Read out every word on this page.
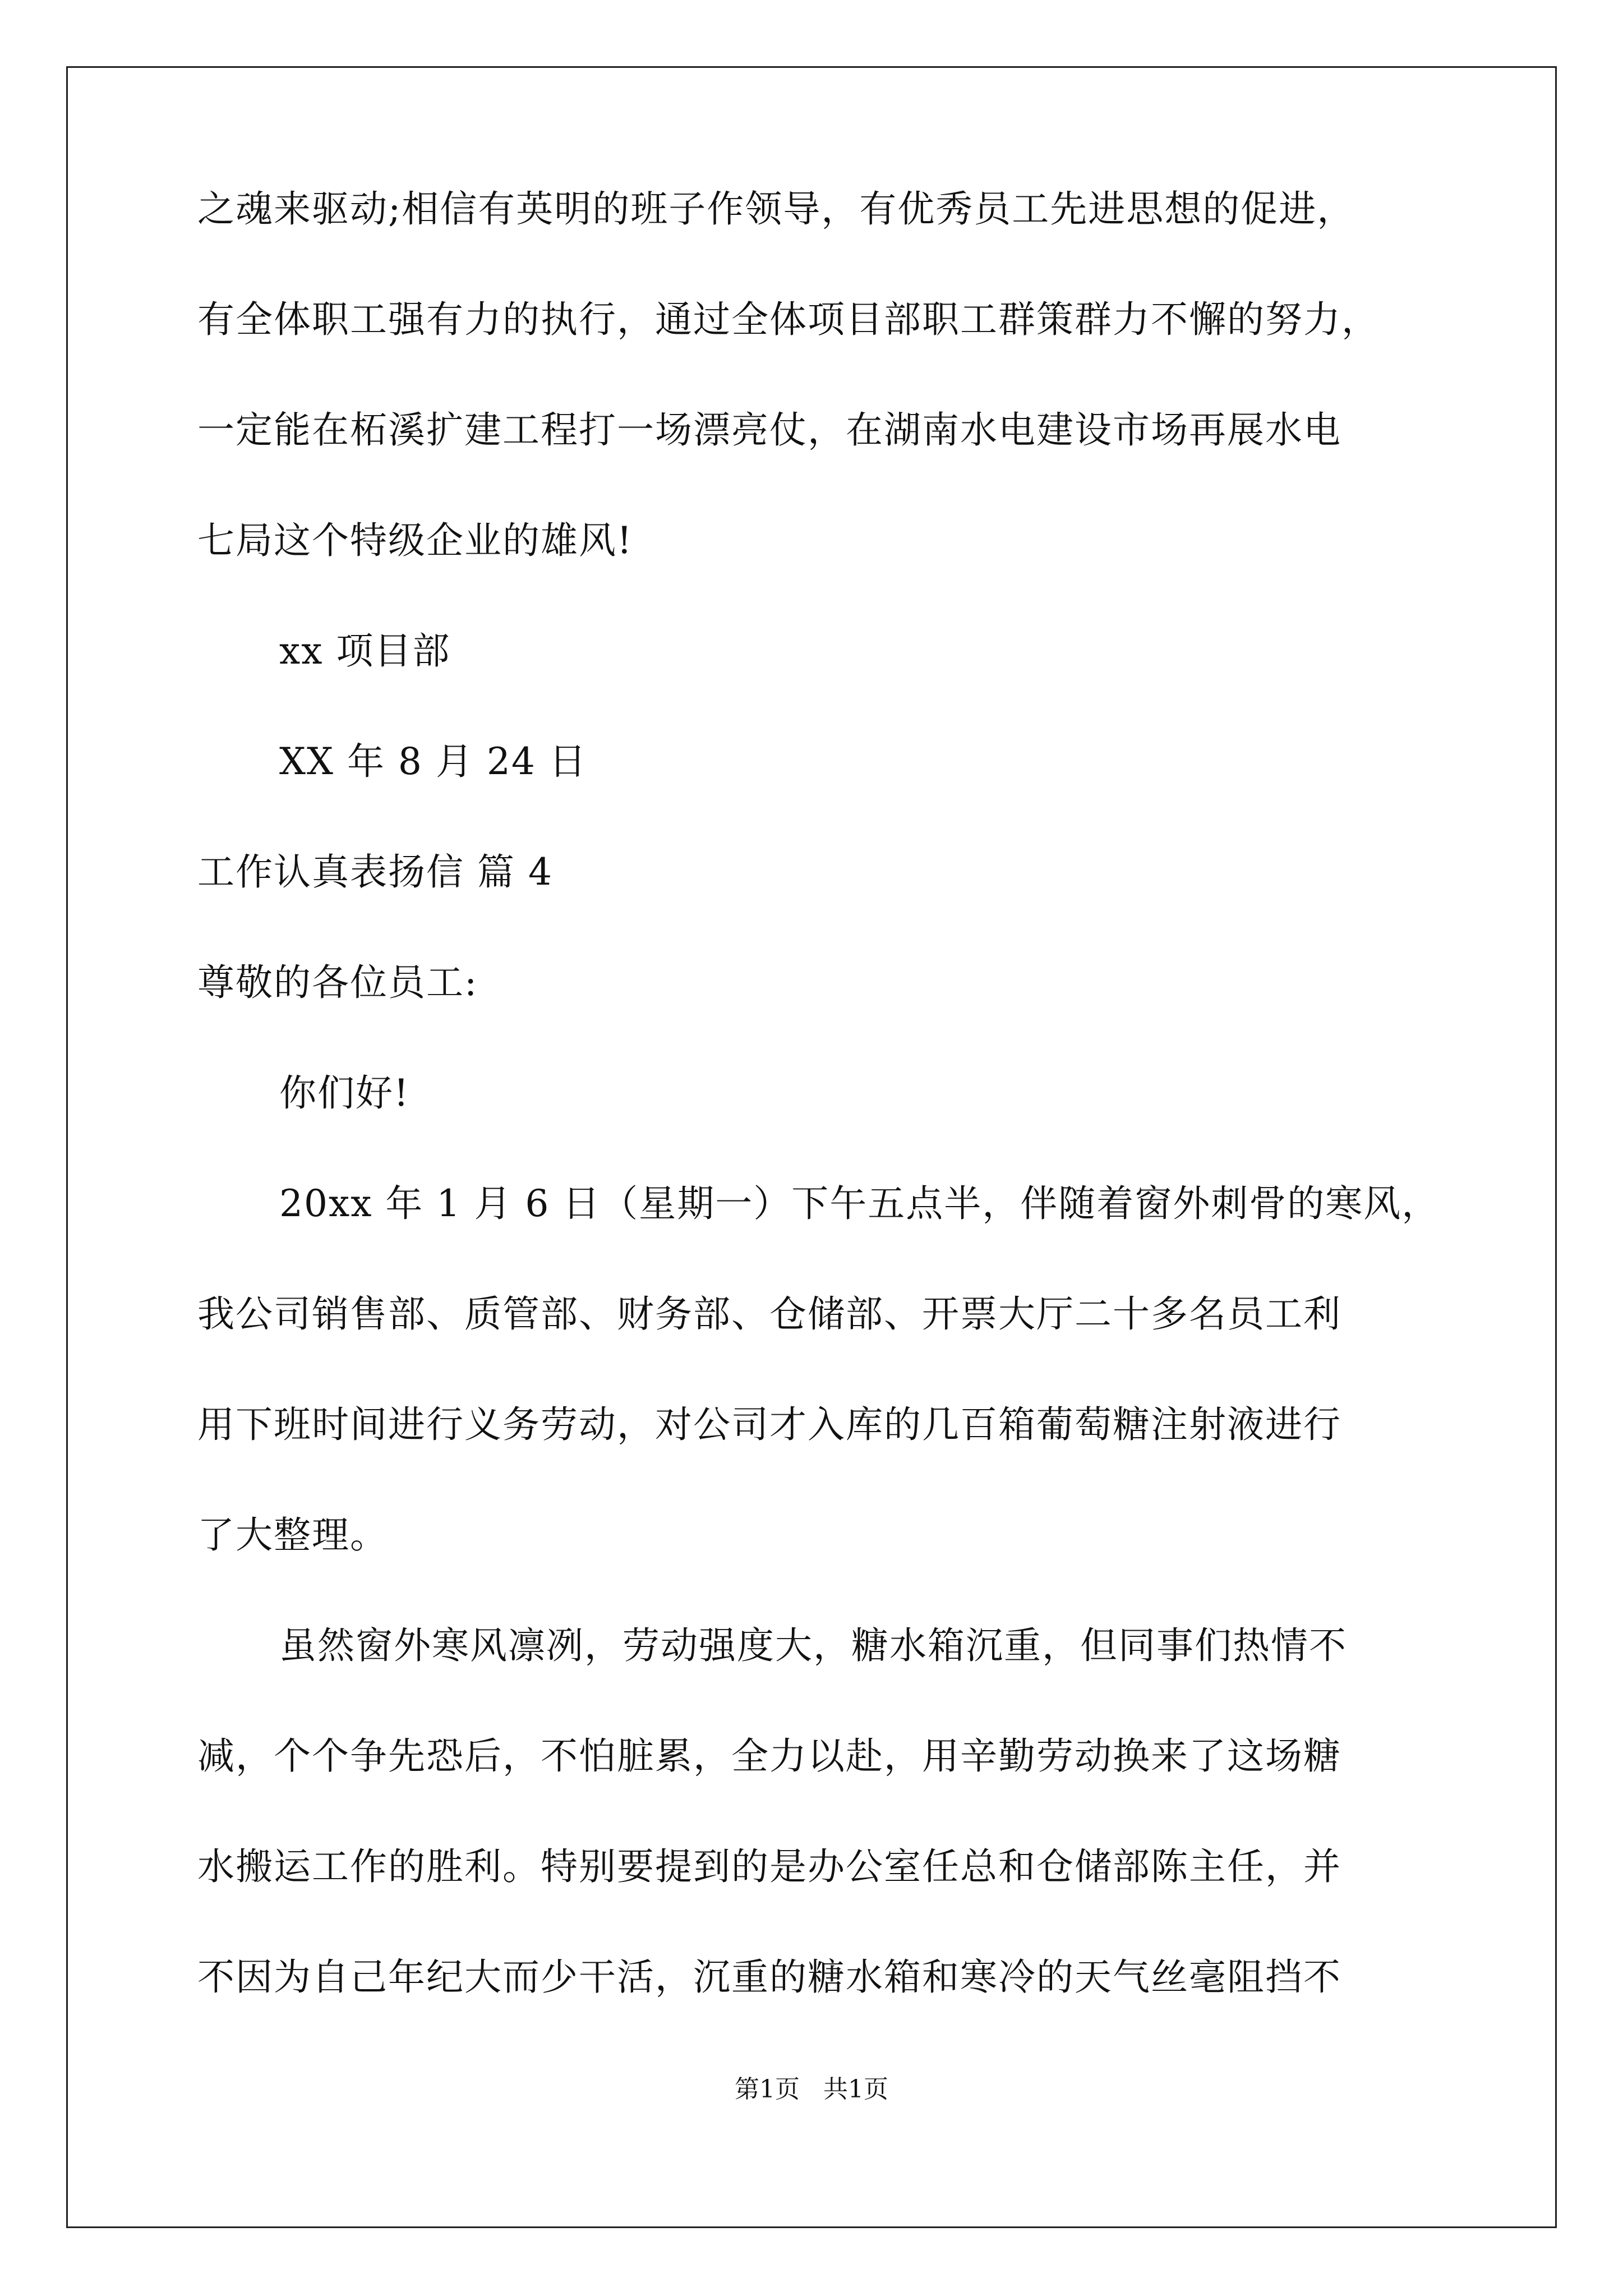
之魂来驱动;相信有英明的班子作领导，有优秀员工先进思想的促进，
有全体职工强有力的执行，通过全体项目部职工群策群力不懈的努力，
一定能在柘溪扩建工程打一场漂亮仗，在湖南水电建设市场再展水电
七局这个特级企业的雄风!
xx 项目部
XX 年 8 月 24 日
工作认真表扬信 篇 4
尊敬的各位员工:
你们好!
20xx 年 1 月 6 日（星期一）下午五点半，伴随着窗外刺骨的寒风，
我公司销售部、质管部、财务部、仓储部、开票大厅二十多名员工利
用下班时间进行义务劳动，对公司才入库的几百箱葡萄糖注射液进行
了大整理。
虽然窗外寒风凛冽，劳动强度大，糖水箱沉重，但同事们热情不
减，个个争先恐后，不怕脏累，全力以赴，用辛勤劳动换来了这场糖
水搬运工作的胜利。特别要提到的是办公室任总和仓储部陈主任，并
不因为自己年纪大而少干活，沉重的糖水箱和寒冷的天气丝毫阻挡不
第1页   共1页
